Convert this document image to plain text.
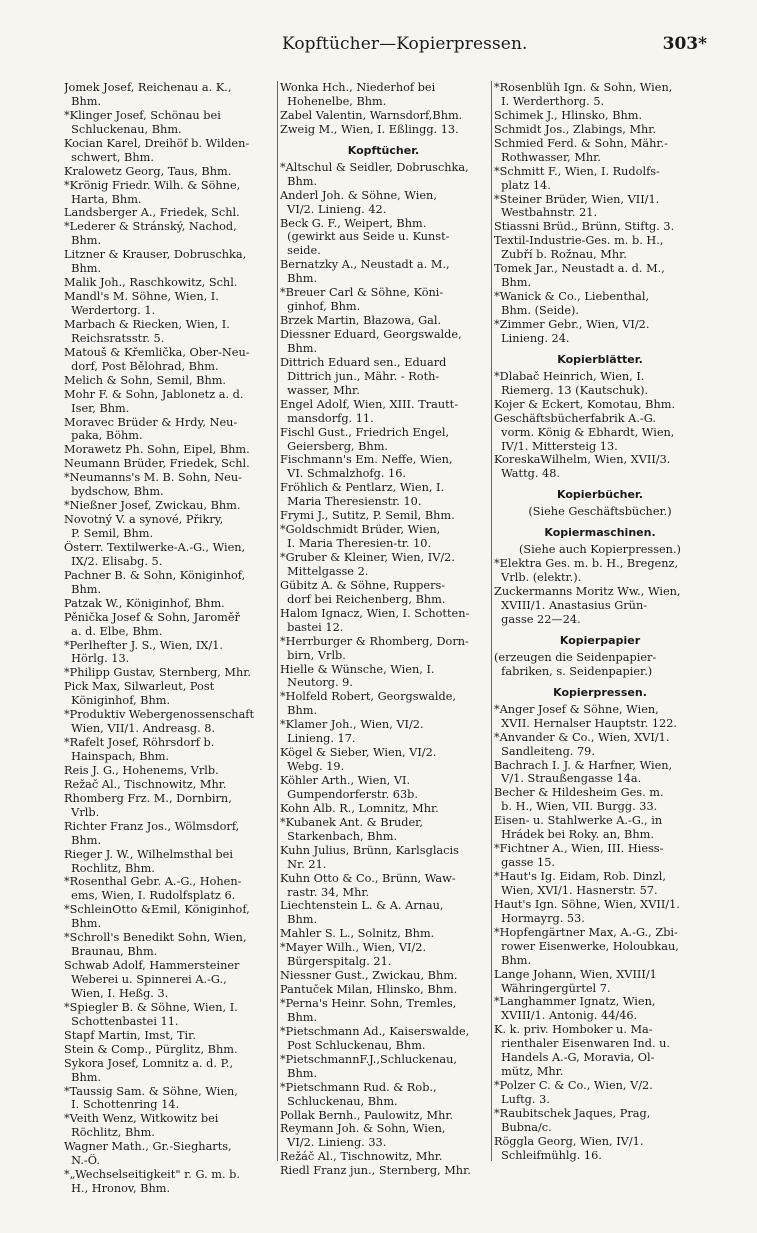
Kopftücher—Kopierpressen.	303*
Jomek Josef, Reichenau a. K.,
Bhm.
*Klinger Josef, Schönau bei
Schluckenau, Bhm.
Kocian Karel, Dreihöf b. Wilden-
schwert, Bhm.
Kralowetz Georg, Taus, Bhm.
*Krönig Friedr. Wilh. & Söhne,
Harta, Bhm.
Landsberger A., Friedek, Schl.
*Lederer & Stránský, Nachod,
Bhm.
Litzner & Krauser, Dobruschka,
Bhm.
Malik Joh., Raschkowitz, Schl.
Mandl's M. Söhne, Wien, I.
Werdertorg. 1.
Marbach & Riecken, Wien, I.
Reichsratsstr. 5.
Matouš & Křemlička, Ober-Neu-
dorf, Post Bělohrad, Bhm.
Melich & Sohn, Semil, Bhm.
Mohr F. & Sohn, Jablonetz a. d.
Iser, Bhm.
Moravec Brüder & Hrdy, Neu-
paka, Böhm.
Morawetz Ph. Sohn, Eipel, Bhm.
Neumann Brüder, Friedek, Schl.
*Neumanns's M. B. Sohn, Neu-
bydschow, Bhm.
*Nießner Josef, Zwickau, Bhm.
Novotný V. a synové, Přikry,
P. Semil, Bhm.
Österr. Textilwerke-A.-G., Wien,
IX/2. Elisabg. 5.
Pachner B. & Sohn, Königinhof,
Bhm.
Patzak W., Königinhof, Bhm.
Pěnička Josef & Sohn, Jaroměř
a. d. Elbe, Bhm.
*Perlhefter J. S., Wien, IX/1.
Hörlg. 13.
*Philipp Gustav, Sternberg, Mhr.
Pick Max, Silwarleut, Post
Königinhof, Bhm.
*Produktiv Webergenossenschaft
Wien, VII/1. Andreasg. 8.
*Rafelt Josef, Röhrsdorf b.
Hainspach, Bhm.
Reis J. G., Hohenems, Vrlb.
Režač Al., Tischnowitz, Mhr.
Rhomberg Frz. M., Dornbirn,
Vrlb.
Richter Franz Jos., Wölmsdorf,
Bhm.
Rieger J. W., Wilhelmsthal bei
Rochlitz, Bhm.
*Rosenthal Gebr. A.-G., Hohen-
ems, Wien, I. Rudolfsplatz 6.
*SchleinOtto &Emil, Königinhof,
Bhm.
*Schroll's Benedikt Sohn, Wien,
Braunau, Bhm.
Schwab Adolf, Hammersteiner
Weberei u. Spinnerei A.-G.,
Wien, I. Heßg. 3.
*Spiegler B. & Söhne, Wien, I.
Schottenbastei 11.
Stapf Martin, Imst, Tir.
Stein & Comp., Pürglitz, Bhm.
Sykora Josef, Lomnitz a. d. P.,
Bhm.
*Taussig Sam. & Söhne, Wien,
I. Schottenring 14.
*Veith Wenz, Witkowitz bei
Röchlitz, Bhm.
Wagner Math., Gr.-Siegharts,
N.-Ö.
*„Wechselseitigkeit" r. G. m. b.
H., Hronov, Bhm.
Wonka Hch., Niederhof bei
Hohenelbe, Bhm.
Zabel Valentin, Warnsdorf,Bhm.
Zweig M., Wien, I. Eßlingg. 13.
Kopftücher.
*Altschul & Seidler, Dobruschka,
Bhm.
Anderl Joh. & Söhne, Wien,
VI/2. Linieng. 42.
Beck G. F., Weipert, Bhm.
(gewirkt aus Seide u. Kunst-
seide.
Bernatzky A., Neustadt a. M.,
Bhm.
*Breuer Carl & Söhne, Köni-
ginhof, Bhm.
Brzek Martin, Błazowa, Gal.
Diessner Eduard, Georgswalde,
Bhm.
Dittrich Eduard sen., Eduard
Dittrich jun., Mähr. - Roth-
wasser, Mhr.
Engel Adolf, Wien, XIII. Trautt-
mansdorfg. 11.
Fischl Gust., Friedrich Engel,
Geiersberg, Bhm.
Fischmann's Em. Neffe, Wien,
VI. Schmalzhofg. 16.
Fröhlich & Pentlarz, Wien, I.
Maria Theresienstr. 10.
Frymi J., Sutitz, P. Semil, Bhm.
*Goldschmidt Brüder, Wien,
I. Maria Theresien-tr. 10.
*Gruber & Kleiner, Wien, IV/2.
Mittelgasse 2.
Gübitz A. & Söhne, Ruppers-
dorf bei Reichenberg, Bhm.
Halom Ignacz, Wien, I. Schotten-
bastei 12.
*Herrburger & Rhomberg, Dorn-
birn, Vrlb.
Hielle & Wünsche, Wien, I.
Neutorg. 9.
*Holfeld Robert, Georgswalde,
Bhm.
*Klamer Joh., Wien, VI/2.
Linieng. 17.
Kögel & Sieber, Wien, VI/2.
Webg. 19.
Köhler Arth., Wien, VI.
Gumpendorferstr. 63b.
Kohn Alb. R., Lomnitz, Mhr.
*Kubanek Ant. & Bruder,
Starkenbach, Bhm.
Kuhn Julius, Brünn, Karlsglacis
Nr. 21.
Kuhn Otto & Co., Brünn, Waw-
rastr. 34, Mhr.
Liechtenstein L. & A. Arnau,
Bhm.
Mahler S. L., Solnitz, Bhm.
*Mayer Wilh., Wien, VI/2.
Bürgerspitalg. 21.
Niessner Gust., Zwickau, Bhm.
Pantuček Milan, Hlinsko, Bhm.
*Perna's Heinr. Sohn, Tremles,
Bhm.
*Pietschmann Ad., Kaiserswalde,
Post Schluckenau, Bhm.
*PietschmannF.J.,Schluckenau,
Bhm.
*Pietschmann Rud. & Rob.,
Schluckenau, Bhm.
Pollak Bernh., Paulowitz, Mhr.
Reymann Joh. & Sohn, Wien,
VI/2. Linieng. 33.
Režáč Al., Tischnowitz, Mhr.
Riedl Franz jun., Sternberg, Mhr.
*Rosenblüh Ign. & Sohn, Wien,
I. Werderthorg. 5.
Schimek J., Hlinsko, Bhm.
Schmidt Jos., Zlabings, Mhr.
Schmied Ferd. & Sohn, Mähr.-
Rothwasser, Mhr.
*Schmitt F., Wien, I. Rudolfs-
platz 14.
*Steiner Brüder, Wien, VII/1.
Westbahnstr. 21.
Stiassni Brüd., Brünn, Stiftg. 3.
Textil-Industrie-Ges. m. b. H.,
Zubří b. Rožnau, Mhr.
Tomek Jar., Neustadt a. d. M.,
Bhm.
*Wanick & Co., Liebenthal,
Bhm. (Seide).
*Zimmer Gebr., Wien, VI/2.
Linieng. 24.
Kopierblätter.
*Dlabač Heinrich, Wien, I.
Riemerg. 13 (Kautschuk).
Kojer & Eckert, Komotau, Bhm.
Geschäftsbücherfabrik A.-G.
vorm. König & Ebhardt, Wien,
IV/1. Mittersteig 13.
KoreskaWilhelm, Wien, XVII/3.
Wattg. 48.
Kopierbücher.
(Siehe Geschäftsbücher.)
Kopiermaschinen.
(Siehe auch Kopierpressen.)
*Elektra Ges. m. b. H., Bregenz,
Vrlb. (elektr.).
Zuckermanns Moritz Ww., Wien,
XVIII/1. Anastasius Grün-
gasse 22—24.
Kopierpapier
(erzeugen die Seidenpapier-
fabriken, s. Seidenpapier.)
Kopierpressen.
*Anger Josef & Söhne, Wien,
XVII. Hernalser Hauptstr. 122.
*Anvander & Co., Wien, XVI/1.
Sandleiteng. 79.
Bachrach I. J. & Harfner, Wien,
V/1. Straußengasse 14a.
Becher & Hildesheim Ges. m.
b. H., Wien, VII. Burgg. 33.
Eisen- u. Stahlwerke A.-G., in
Hrádek bei Roky. an, Bhm.
*Fichtner A., Wien, III. Hiess-
gasse 15.
*Haut's Ig. Eidam, Rob. Dinzl,
Wien, XVI/1. Hasnerstr. 57.
Haut's Ign. Söhne, Wien, XVII/1.
Hormayrg. 53.
*Hopfengärtner Max, A.-G., Zbi-
rower Eisenwerke, Holoubkau,
Bhm.
Lange Johann, Wien, XVIII/1
Währingergürtel 7.
*Langhammer Ignatz, Wien,
XVIII/1. Antonig. 44/46.
K. k. priv. Homboker u. Ma-
rienthaler Eisenwaren Ind. u.
Handels A.-G, Moravia, Ol-
mütz, Mhr.
*Polzer C. & Co., Wien, V/2.
Luftg. 3.
*Raubitschek Jaques, Prag,
Bubna/c.
Röggla Georg, Wien, IV/1.
Schleifmühlg. 16.
